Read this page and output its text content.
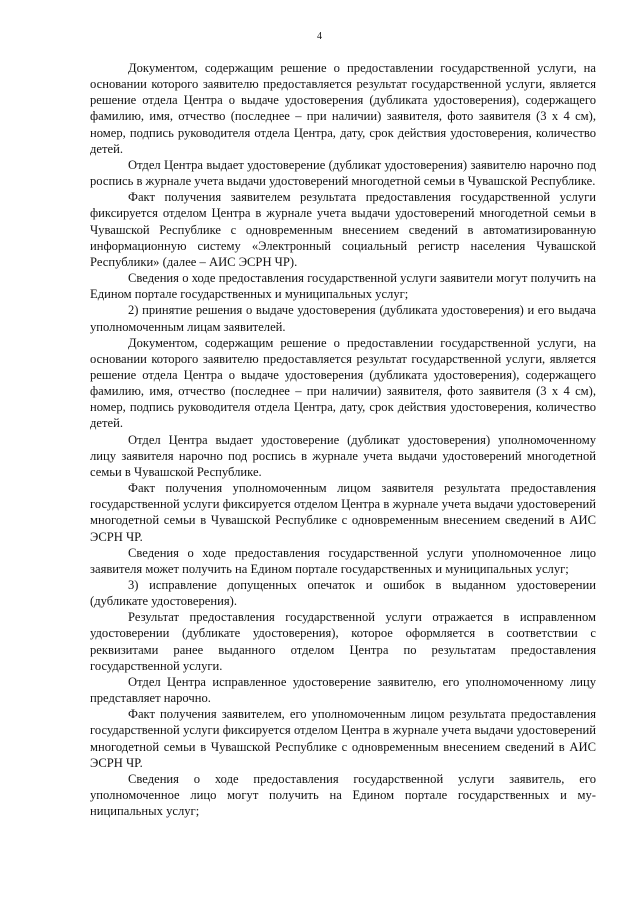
4

Документом, содержащим решение о предоставлении государственной услуги, на основании которого заявителю предоставляется результат государственной услуги, является решение отдела Центра о выдаче удостоверения (дубликата удостоверения), содержащего фамилию, имя, отчество (последнее – при наличии) заявителя, фото заявителя (3 х 4 см), номер, подпись руководителя отдела Центра, дату, срок действия удостоверения, количество детей.

Отдел Центра выдает удостоверение (дубликат удостоверения) заявителю нарочно под роспись в журнале учета выдачи удостоверений многодетной семьи в Чувашской Республике.

Факт получения заявителем результата предоставления государственной услуги фиксируется отделом Центра в журнале учета выдачи удостоверений многодетной семьи в Чувашской Республике с одновременным внесением сведений в автоматизированную информационную систему «Электронный социальный регистр населения Чувашской Республики» (далее – АИС ЭСРН ЧР).

Сведения о ходе предоставления государственной услуги заявители могут получить на Едином портале государственных и муниципальных услуг;

2) принятие решения о выдаче удостоверения (дубликата удостоверения) и его выдача уполномоченным лицам заявителей.

Документом, содержащим решение о предоставлении государственной услуги, на основании которого заявителю предоставляется результат государственной услуги, является решение отдела Центра о выдаче удостоверения (дубликата удостоверения), содержащего фамилию, имя, отчество (последнее – при наличии) заявителя, фото заявителя (3 х 4 см), номер, подпись руководителя отдела Центра, дату, срок действия удостоверения, количество детей.

Отдел Центра выдает удостоверение (дубликат удостоверения) уполномоченному лицу заявителя нарочно под роспись в журнале учета выдачи удостоверений многодетной семьи в Чувашской Республике.

Факт получения уполномоченным лицом заявителя результата предоставления государственной услуги фиксируется отделом Центра в журнале учета выдачи удостоверений многодетной семьи в Чувашской Республике с одновременным внесением сведений в АИС ЭСРН ЧР.

Сведения о ходе предоставления государственной услуги уполномоченное лицо заявителя может получить на Едином портале государственных и муниципальных услуг;

3) исправление допущенных опечаток и ошибок в выданном удостоверении (дубликате удостоверения).

Результат предоставления государственной услуги отражается в исправленном удостоверении (дубликате удостоверения), которое оформляется в соответствии с реквизитами ранее выданного отделом Центра по результатам предоставления государственной услуги.

Отдел Центра исправленное удостоверение заявителю, его уполномоченному лицу представляет нарочно.

Факт получения заявителем, его уполномоченным лицом результата предоставления государственной услуги фиксируется отделом Центра в журнале учета выдачи удостоверений многодетной семьи в Чувашской Республике с одновременным внесением сведений в АИС ЭСРН ЧР.

Сведения о ходе предоставления государственной услуги заявитель, его уполномоченное лицо могут получить на Едином портале государственных и муниципальных услуг;
